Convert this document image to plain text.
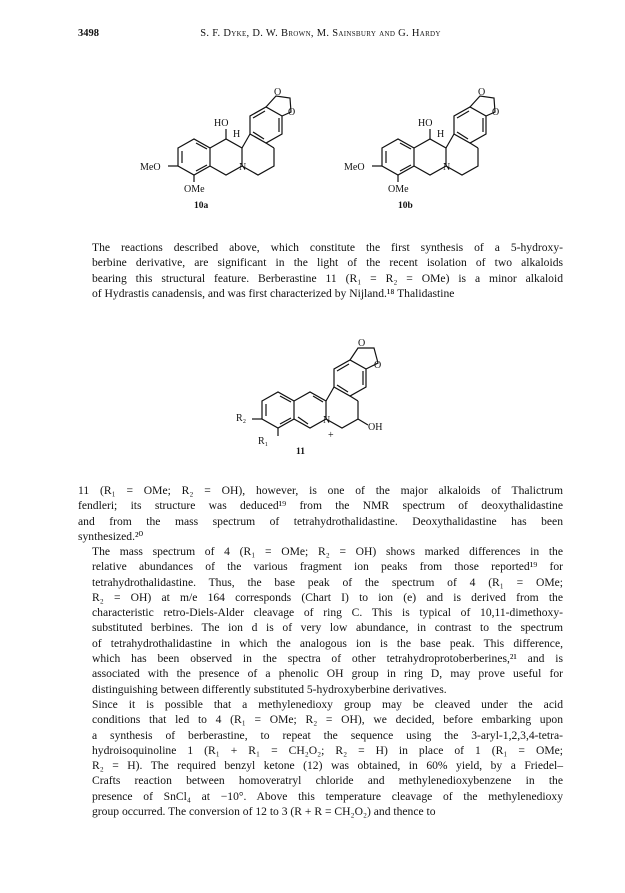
3498	S. F. Dyke, D. W. Brown, M. Sainsbury and G. Hardy
HO
H
O
O
MeO	N
OMe
10a
HO
H
O
O
MeO	N
OMe
10b

The reactions described above, which constitute the first synthesis of a 5-hydroxy-
berbine derivative, are significant in the light of the recent isolation of two alkaloids
bearing this structural feature. Berberastine 11 (R₁ = R₂ = OMe) is a minor alkaloid
of Hydrastis canadensis, and was first characterized by Nijland.¹⁸ Thalidastine

O
O
R₂
R₁
N
+
OH
11

11 (R₁ = OMe; R₂ = OH), however, is one of the major alkaloids of Thalictrum
fendleri; its structure was deduced¹⁹ from the NMR spectrum of deoxythalidastine
and from the mass spectrum of tetrahydrothalidastine. Deoxythalidastine has been
synthesized.²⁰

The mass spectrum of 4 (R₁ = OMe; R₂ = OH) shows marked differences in the
relative abundances of the various fragment ion peaks from those reported¹⁹ for
tetrahydrothalidastine. Thus, the base peak of the spectrum of 4 (R₁ = OMe;
R₂ = OH) at m/e 164 corresponds (Chart I) to ion (e) and is derived from the
characteristic retro-Diels-Alder cleavage of ring C. This is typical of 10,11-dimethoxy-
substituted berbines. The ion d is of very low abundance, in contrast to the spectrum
of tetrahydrothalidastine in which the analogous ion is the base peak. This difference,
which has been observed in the spectra of other tetrahydroprotoberberines,²¹ and is
associated with the presence of a phenolic OH group in ring D, may prove useful for
distinguishing between differently substituted 5-hydroxyberbine derivatives.

Since it is possible that a methylenedioxy group may be cleaved under the acid
conditions that led to 4 (R₁ = OMe; R₂ = OH), we decided, before embarking upon
a synthesis of berberastine, to repeat the sequence using the 3-aryl-1,2,3,4-tetra-
hydroisoquinoline 1 (R₁ + R₁ = CH₂O₂; R₂ = H) in place of 1 (R₁ = OMe;
R₂ = H). The required benzyl ketone (12) was obtained, in 60% yield, by a Friedel–
Crafts reaction between homoveratryl chloride and methylenedioxybenzene in the
presence of SnCl₄ at −10°. Above this temperature cleavage of the methylenedioxy
group occurred. The conversion of 12 to 3 (R + R = CH₂O₂) and thence to
